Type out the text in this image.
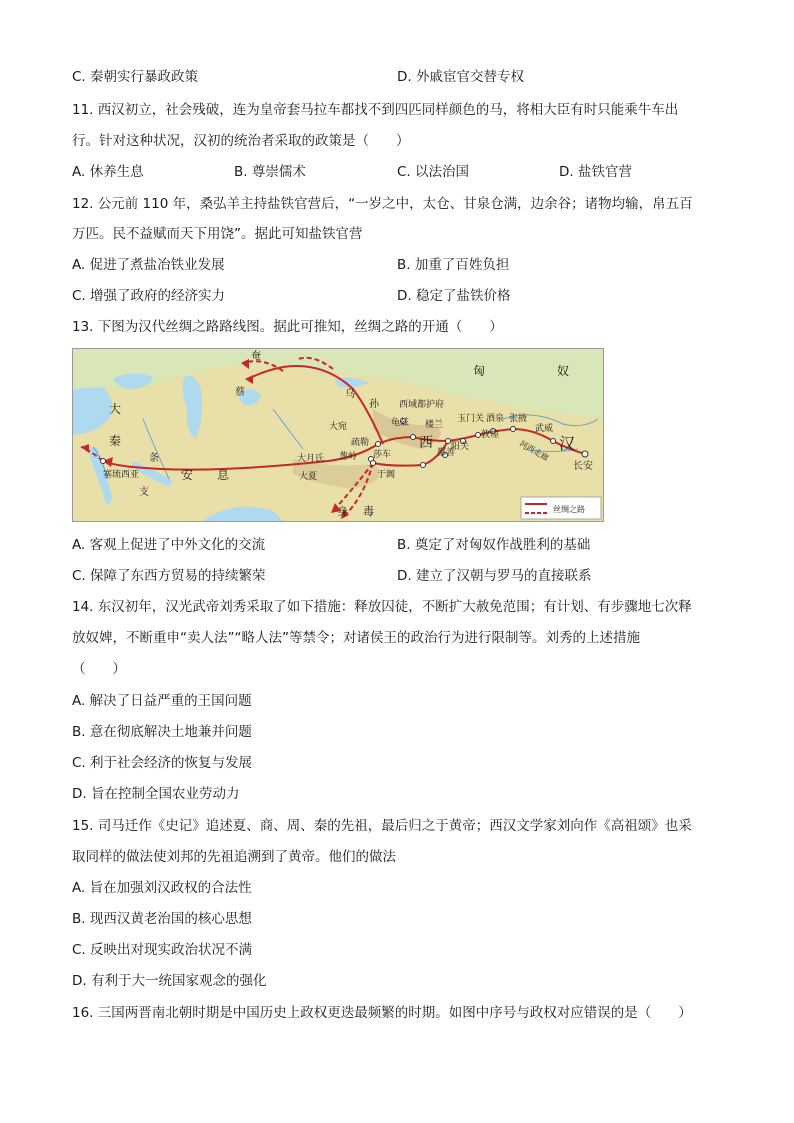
C. 秦朝实行暴政政策	D. 外戚宦官交替专权
11. 西汉初立，社会残破，连为皇帝套马拉车都找不到四匹同样颜色的马，将相大臣有时只能乘牛车出
行。针对这种状况，汉初的统治者采取的政策是（　　）
A. 休养生息	B. 尊崇儒术	C. 以法治国	D. 盐铁官营
12. 公元前 110 年，桑弘羊主持盐铁官营后，“一岁之中，太仓、甘泉仓满，边余谷；诸物均输，帛五百
万匹。民不益赋而天下用饶”。据此可知盐铁官营
A. 促进了煮盐冶铁业发展	B. 加重了百姓负担
C. 增强了政府的经济实力	D. 稳定了盐铁价格
13. 下图为汉代丝绸之路路线图。据此可推知，丝绸之路的开通（　　）
匈	奴
奄
蔡	乌
孙 西域都护府
龟兹	玉门关 酒泉 张掖
敦煌
武威
楼兰
阳关	河西走廊 汉
长安
西
大宛
疏勒
莎车
葱岭	鄯善
于阗
大月氏
大夏
安 息
大
秦
条
支
塞琉西亚
身 毒	丝绸之路
A. 客观上促进了中外文化的交流	B. 奠定了对匈奴作战胜利的基础
C. 保障了东西方贸易的持续繁荣	D. 建立了汉朝与罗马的直接联系
14. 东汉初年，汉光武帝刘秀采取了如下措施：释放囚徒，不断扩大赦免范围；有计划、有步骤地七次释
放奴婢，不断重申“卖人法”“略人法”等禁令；对诸侯王的政治行为进行限制等。刘秀的上述措施
（　　）
A. 解决了日益严重的王国问题
B. 意在彻底解决土地兼并问题
C. 利于社会经济的恢复与发展
D. 旨在控制全国农业劳动力
15. 司马迁作《史记》追述夏、商、周、秦的先祖，最后归之于黄帝；西汉文学家刘向作《高祖颂》也采
取同样的做法使刘邦的先祖追溯到了黄帝。他们的做法
A. 旨在加强刘汉政权的合法性
B. 现西汉黄老治国的核心思想
C. 反映出对现实政治状况不满
D. 有利于大一统国家观念的强化
16. 三国两晋南北朝时期是中国历史上政权更迭最频繁的时期。如图中序号与政权对应错误的是（　　）
